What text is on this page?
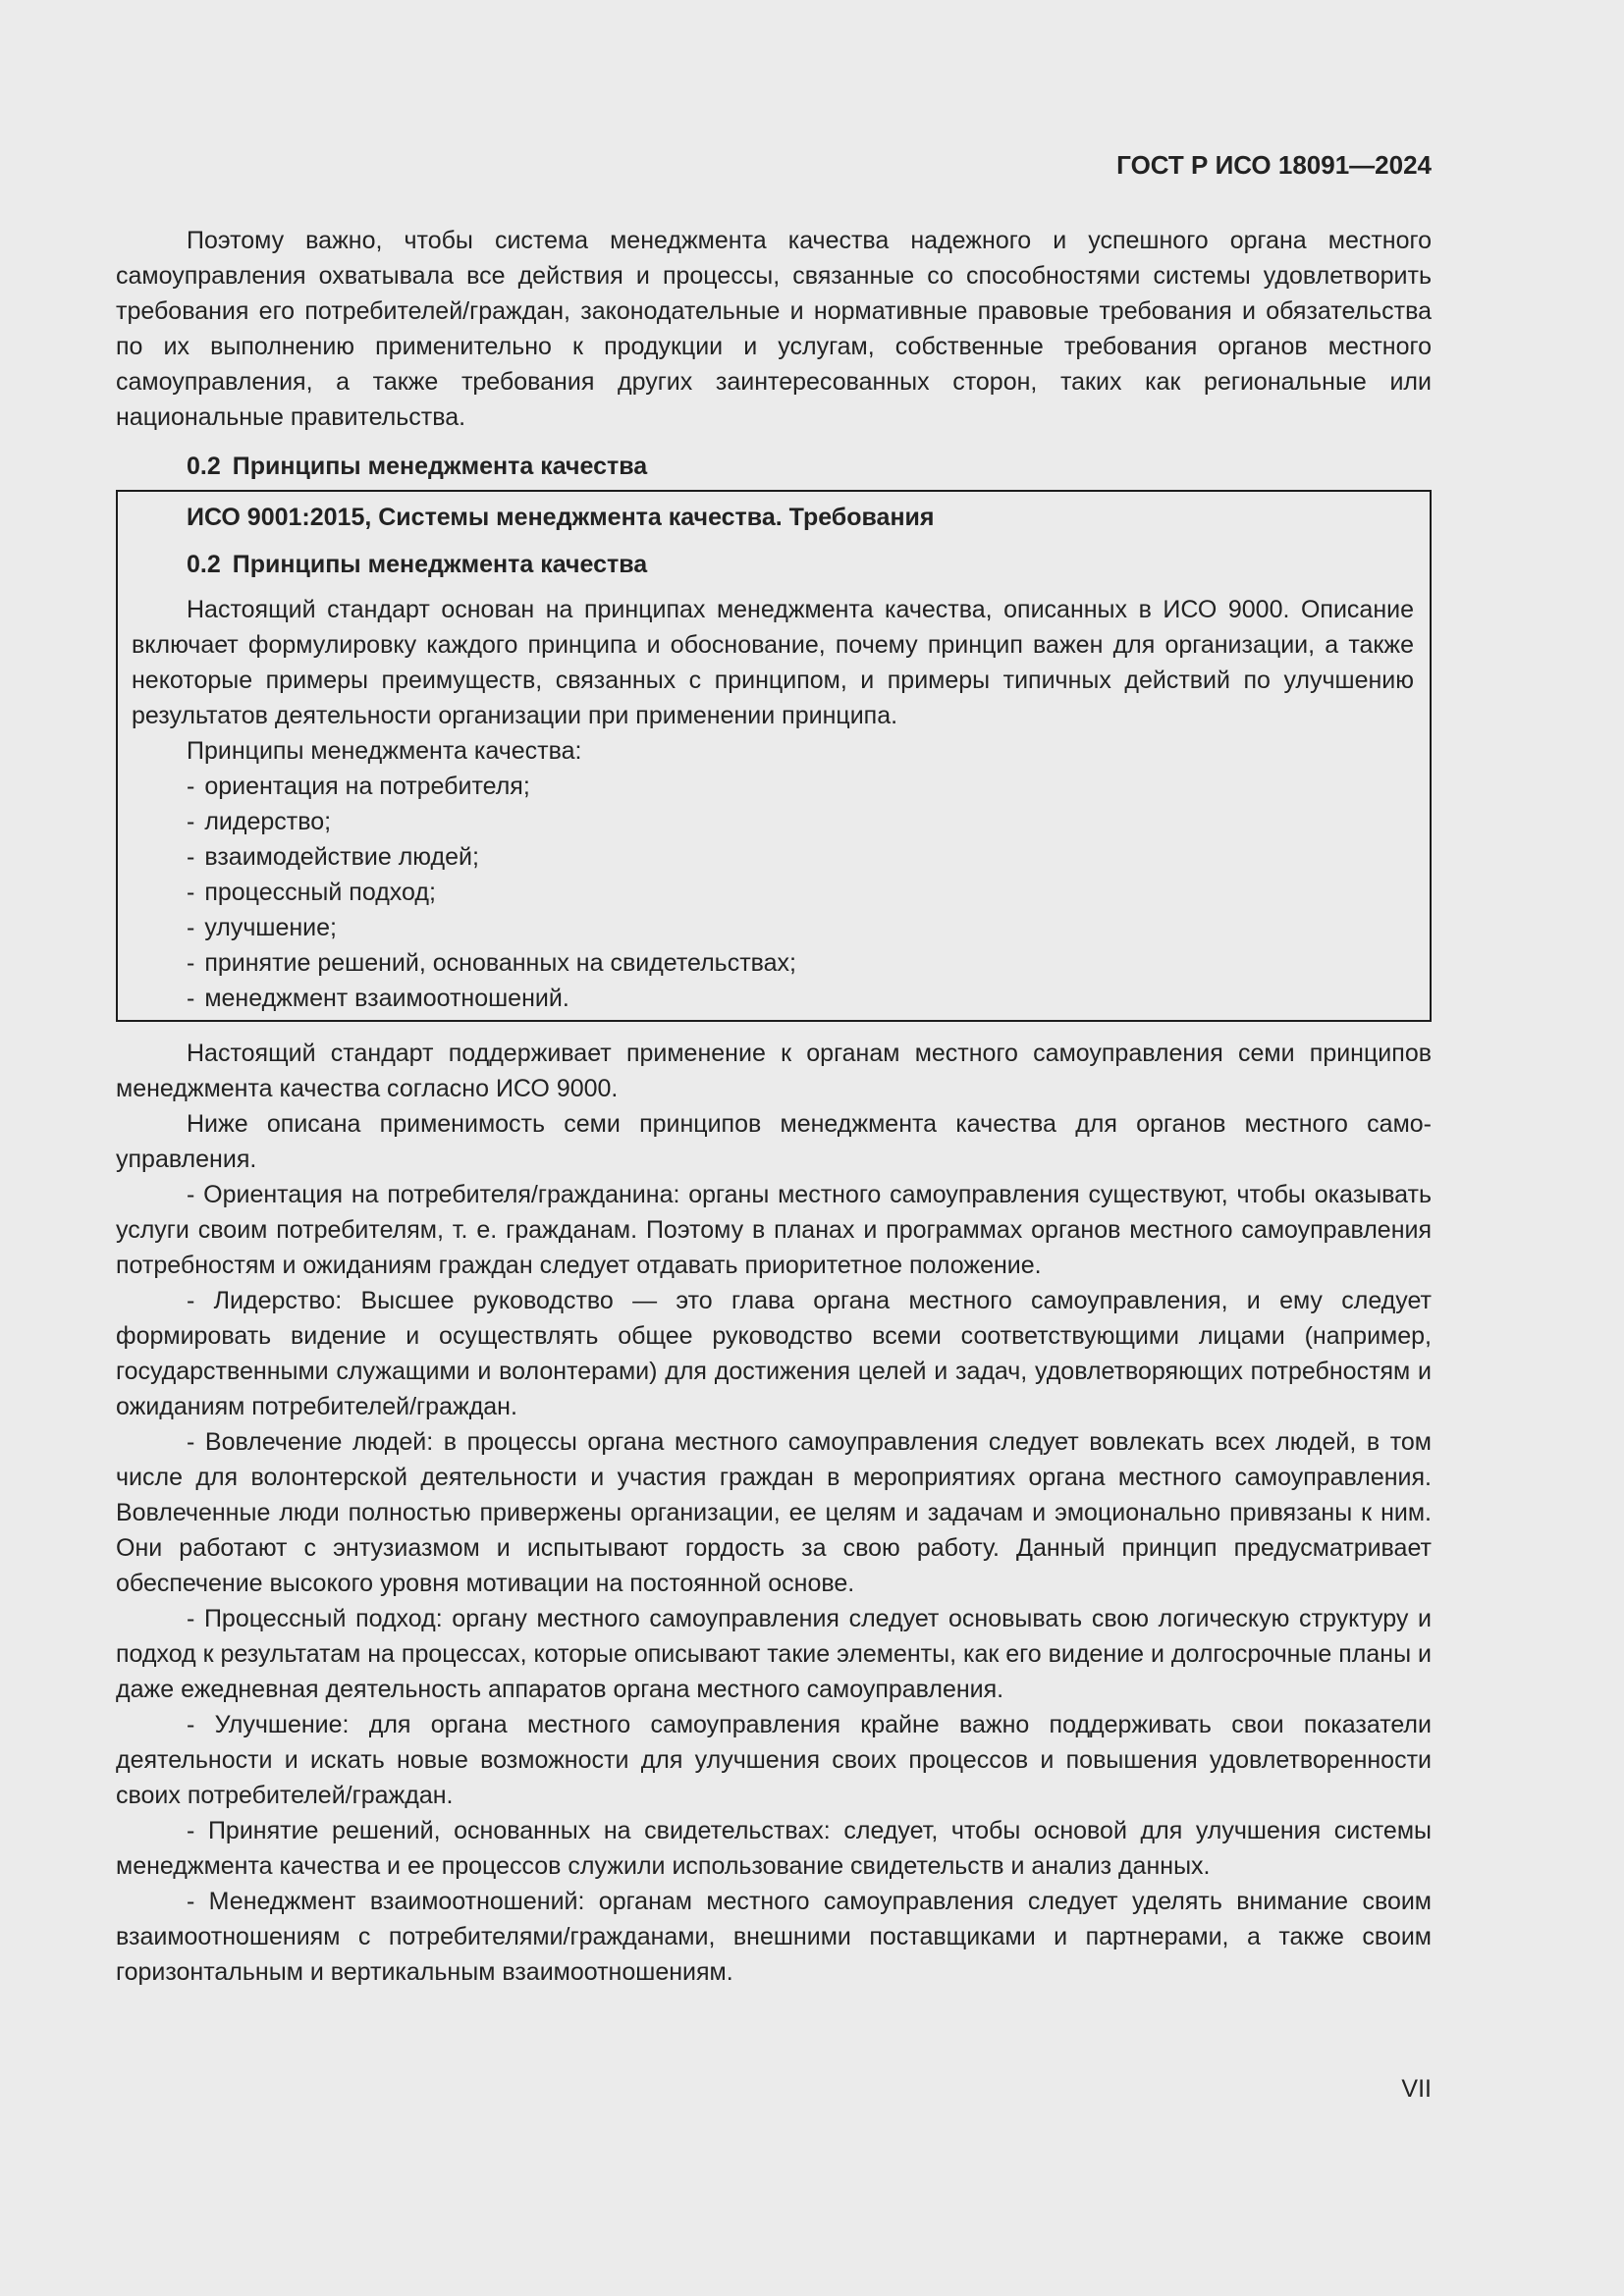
ГОСТ Р ИСО 18091—2024

Поэтому важно, чтобы система менеджмента качества надежного и успешного органа местного самоуправления охватывала все действия и процессы, связанные со способностями системы удовлетворить требования его потребителей/граждан, законодательные и нормативные правовые требования и обязательства по их выполнению применительно к продукции и услугам, собственные требования органов местного самоуправления, а также требования других заинтересованных сторон, таких как региональные или национальные правительства.

0.2 Принципы менеджмента качества
ИСО 9001:2015, Системы менеджмента качества. Требования
0.2 Принципы менеджмента качества

Настоящий стандарт основан на принципах менеджмента качества, описанных в ИСО 9000. Описание включает формулировку каждого принципа и обоснование, почему принцип важен для организации, а также некоторые примеры преимуществ, связанных с принципом, и примеры типичных действий по улучшению результатов деятельности организации при применении принципа.

Принципы менеджмента качества:
- ориентация на потребителя;
- лидерство;
- взаимодействие людей;
- процессный подход;
- улучшение;
- принятие решений, основанных на свидетельствах;
- менеджмент взаимоотношений.

Настоящий стандарт поддерживает применение к органам местного самоуправления семи принципов менеджмента качества согласно ИСО 9000.

Ниже описана применимость семи принципов менеджмента качества для органов местного самоуправления.

- Ориентация на потребителя/гражданина: органы местного самоуправления существуют, чтобы оказывать услуги своим потребителям, т. е. гражданам. Поэтому в планах и программах органов местного самоуправления потребностям и ожиданиям граждан следует отдавать приоритетное положение.

- Лидерство: Высшее руководство — это глава органа местного самоуправления, и ему следует формировать видение и осуществлять общее руководство всеми соответствующими лицами (например, государственными служащими и волонтерами) для достижения целей и задач, удовлетворяющих потребностям и ожиданиям потребителей/граждан.

- Вовлечение людей: в процессы органа местного самоуправления следует вовлекать всех людей, в том числе для волонтерской деятельности и участия граждан в мероприятиях органа местного самоуправления. Вовлеченные люди полностью привержены организации, ее целям и задачам и эмоционально привязаны к ним. Они работают с энтузиазмом и испытывают гордость за свою работу. Данный принцип предусматривает обеспечение высокого уровня мотивации на постоянной основе.

- Процессный подход: органу местного самоуправления следует основывать свою логическую структуру и подход к результатам на процессах, которые описывают такие элементы, как его видение и долгосрочные планы и даже ежедневная деятельность аппаратов органа местного самоуправления.

- Улучшение: для органа местного самоуправления крайне важно поддерживать свои показатели деятельности и искать новые возможности для улучшения своих процессов и повышения удовлетворенности своих потребителей/граждан.

- Принятие решений, основанных на свидетельствах: следует, чтобы основой для улучшения системы менеджмента качества и ее процессов служили использование свидетельств и анализ данных.

- Менеджмент взаимоотношений: органам местного самоуправления следует уделять внимание своим взаимоотношениям с потребителями/гражданами, внешними поставщиками и партнерами, а также своим горизонтальным и вертикальным взаимоотношениям.

VII
